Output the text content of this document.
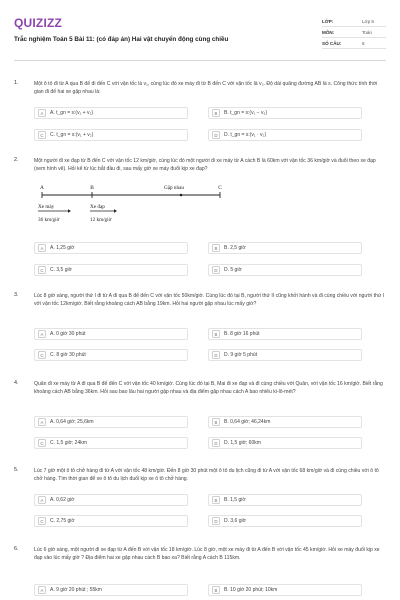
QUIZIZZ
Trắc nghiệm Toán 5 Bài 11: (có đáp án) Hai vật chuyển động cùng chiều
LỚP:	Lớp 5
MÔN:	Toán
SỐ CÂU:	6
1.	Một ô tô đi từ A qua B để đi đến C với vận tốc là v₁, cùng lúc đó xe máy đi từ B đến C với vận tốc là v₂. Độ dài quãng đường AB là s. Công thức tính thời gian đi để hai xe gặp nhau là:
A	A. t_gn = s:(v₁ + v₂)	B	B. t_gn = s:(v₁ − v₂)
C	C. t_gn = s:(v₁ + v₂)	D	D. t_gn = s:(v₁ · v₂)
2.	Một người đi xe đạp từ B đến C với vận tốc 12 km/giờ, cùng lúc đó một người đi xe máy từ A cách B là 60km với vận tốc 36 km/giờ và đuổi theo xe đạp (xem hình vẽ). Hỏi kể từ lúc bắt đầu đi, sau mấy giờ xe máy đuổi kịp xe đạp?
A	B	Gặp nhau	C
Xe máy
36 km/giờ
Xe đạp
12 km/giờ
A	A. 1,25 giờ	B	B. 2,5 giờ
C	C. 3,5 giờ	D	D. 5 giờ
3.	Lúc 8 giờ sáng, người thứ I đi từ A đi qua B để đến C với vận tốc 50km/giờ. Cùng lúc đó tại B, người thứ II cũng khởi hành và đi cùng chiều với người thứ I với vận tốc 12km/giờ. Biết rằng khoảng cách AB bằng 19km. Hỏi hai người gặp nhau lúc mấy giờ?
A	A. 0 giờ 30 phút	B	B. 8 giờ 16 phút
C	C. 8 giờ 30 phút	D	D. 9 giờ 5 phút
4.	Quân đi xe máy từ A đi qua B để đến C với vận tốc 40 km/giờ. Cùng lúc đó tại B, Mai đi xe đạp và đi cùng chiều với Quân, với vận tốc 16 km/giờ. Biết rằng khoảng cách AB bằng 36km. Hỏi sau bao lâu hai người gặp nhau và địa điểm gặp nhau cách A bao nhiêu ki-lô-mét?
A	A. 0,64 giờ; 25,6km	B	B. 0,64 giờ; 46,24km
C	C. 1,5 giờ; 24km	D	D. 1,5 giờ; 60km
5.	Lúc 7 giờ một ô tô chở hàng đi từ A với vận tốc 48 km/giờ. Đến 8 giờ 30 phút một ô tô du lịch cũng đi từ A với vận tốc 68 km/giờ và đi cùng chiều với ô tô chở hàng. Tìm thời gian để xe ô tô du lịch đuổi kịp xe ô tô chở hàng.
A	A. 0,62 giờ	B	B. 1,5 giờ
C	C. 2,75 giờ	D	D. 3,6 giờ
6.	Lúc 6 giờ sáng, một người đi xe đạp từ A đến B với vận tốc 18 km/giờ. Lúc 8 giờ, một xe máy đi từ A đến B với vận tốc 45 km/giờ. Hỏi xe máy đuổi kịp xe đạp vào lúc mấy giờ ? Địa điểm hai xe gặp nhau cách B bao xa? Biết rằng A cách B 115km.
A	A. 9 giờ 20 phút ; 55km	B	B. 10 giờ 20 phút; 10km
